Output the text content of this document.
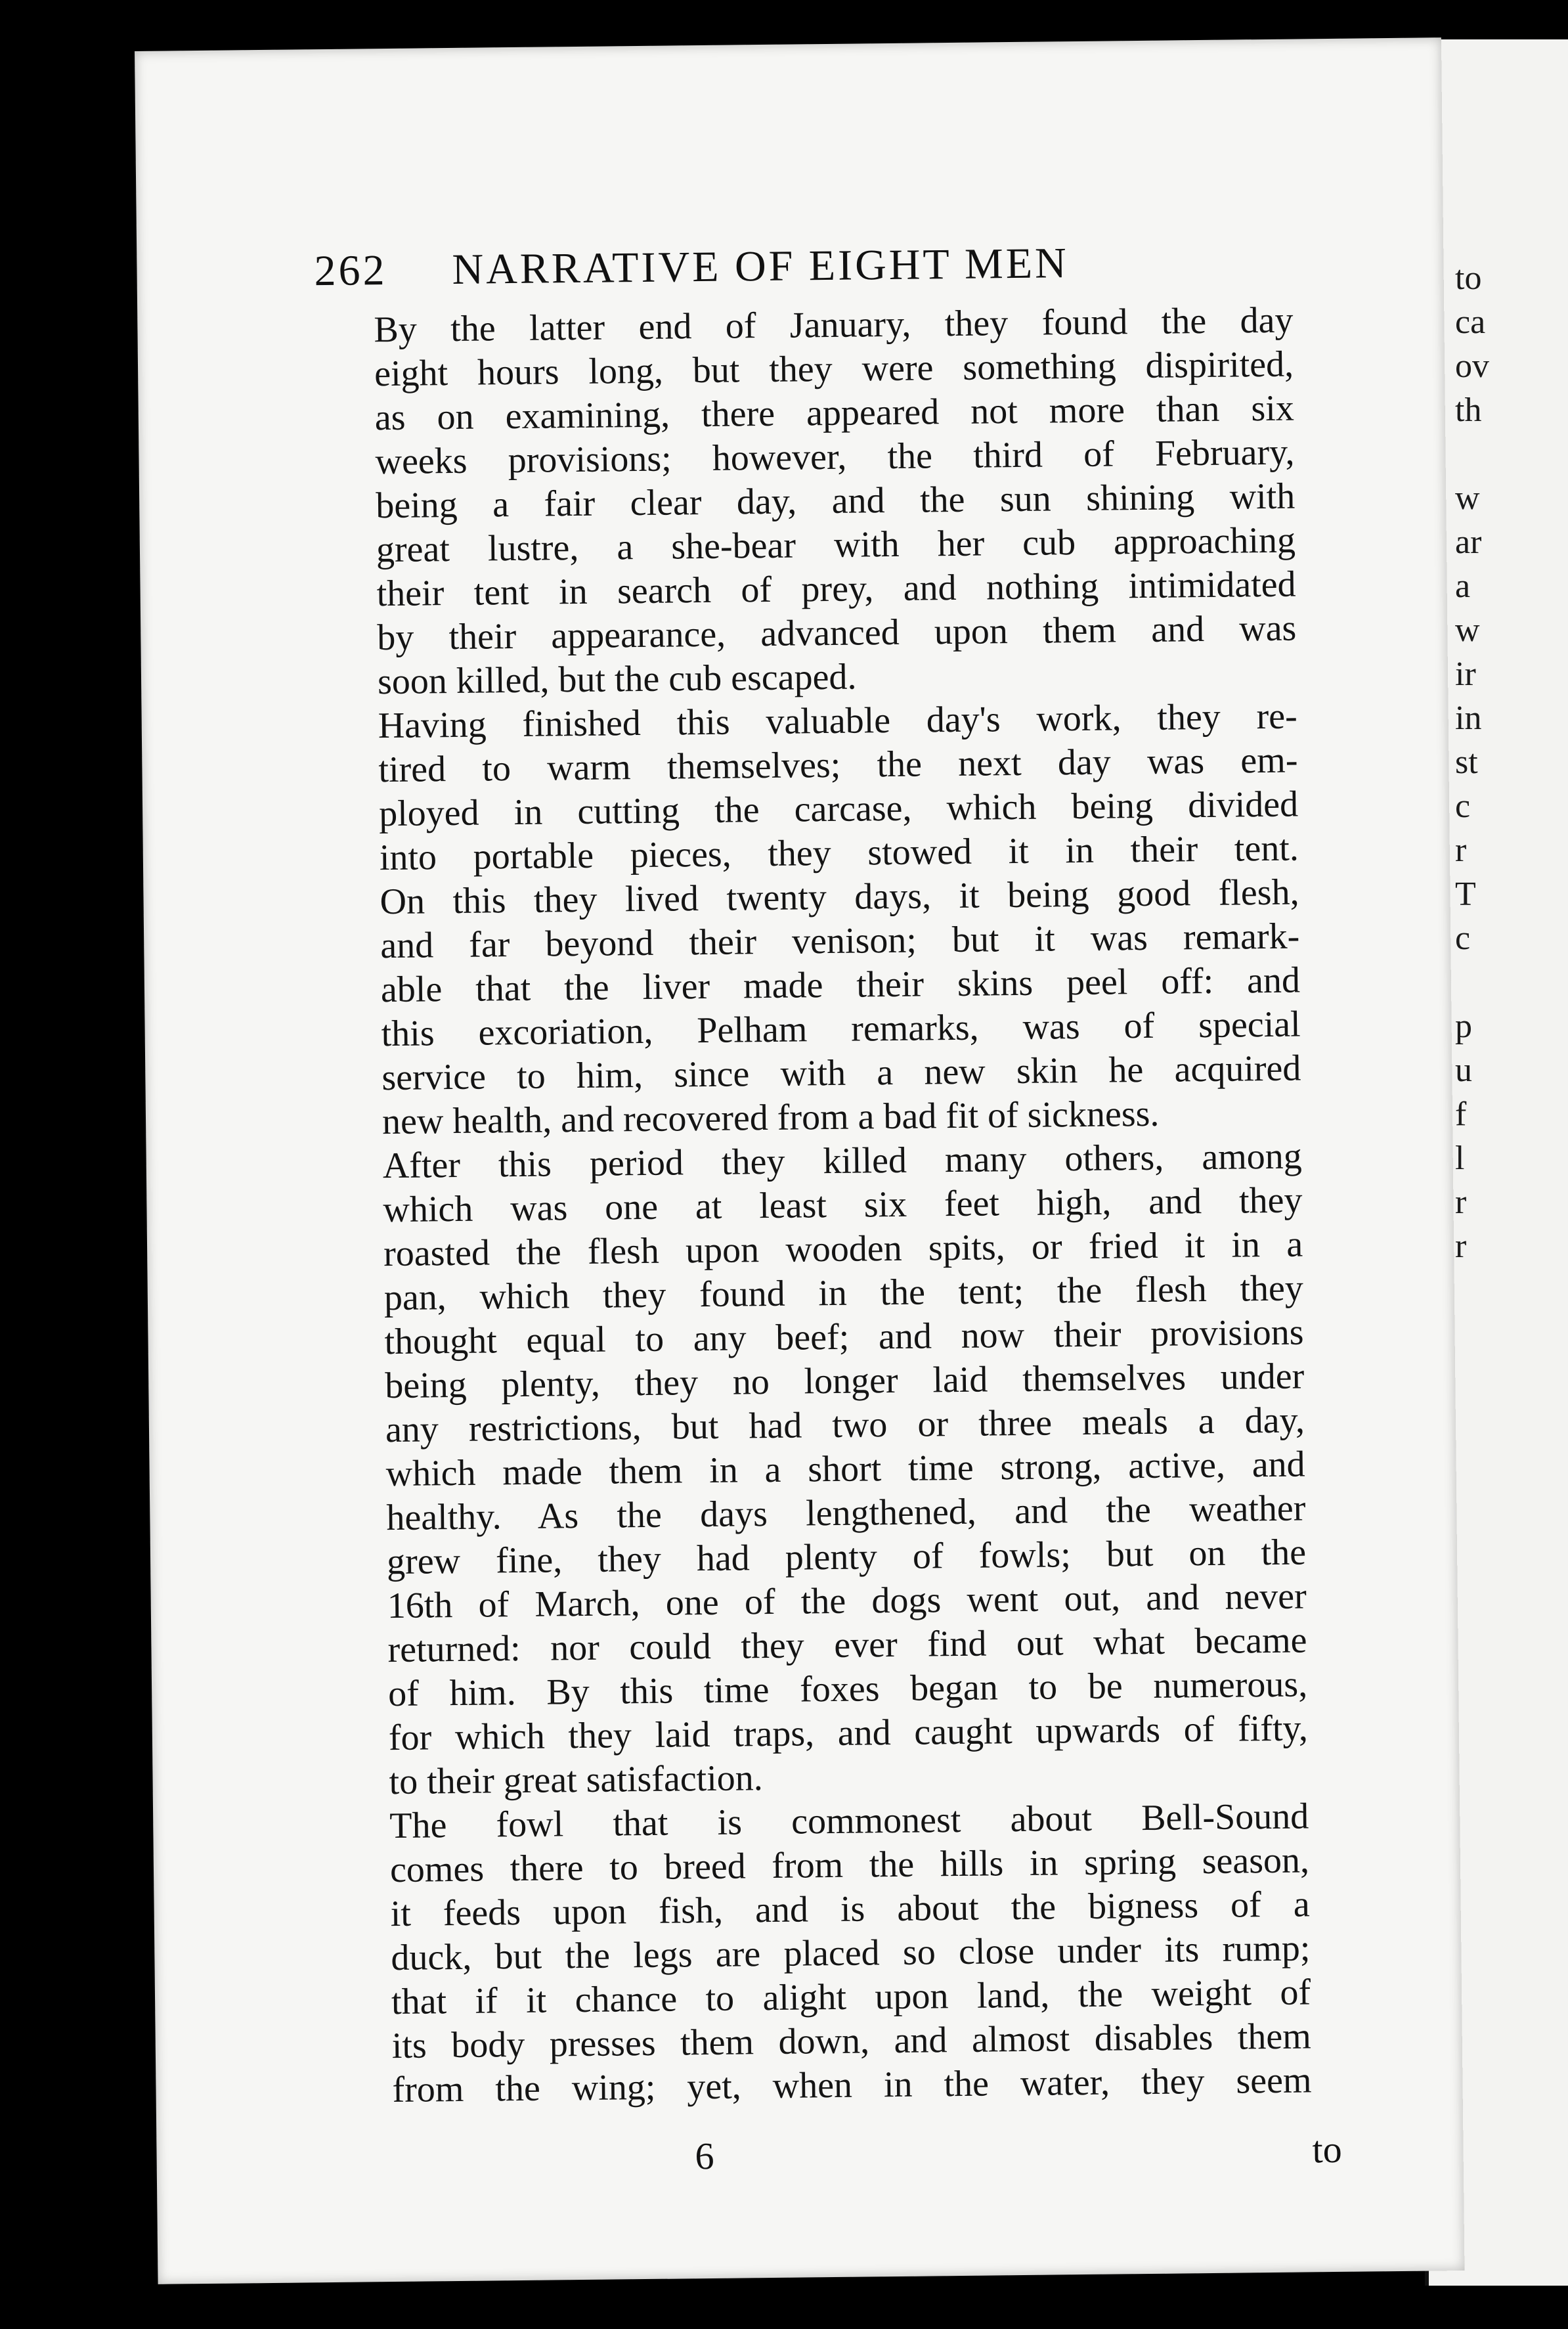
to
ca
ov
th

w
ar
a
w
ir
in
st
c
r
T
c

p
u
f
l
r
r
262 NARRATIVE OF EIGHT MEN
By the latter end of January, they found the day
eight hours long, but they were something dispirited,
as on examining, there appeared not more than six
weeks provisions; however, the third of February,
being a fair clear day, and the sun shining with
great lustre, a she-bear with her cub approaching
their tent in search of prey, and nothing intimidated
by their appearance, advanced upon them and was
soon killed, but the cub escaped.
Having finished this valuable day's work, they re-
tired to warm themselves; the next day was em-
ployed in cutting the carcase, which being divided
into portable pieces, they stowed it in their tent.
On this they lived twenty days, it being good flesh,
and far beyond their venison; but it was remark-
able that the liver made their skins peel off: and
this excoriation, Pelham remarks, was of special
service to him, since with a new skin he acquired
new health, and recovered from a bad fit of sickness.
After this period they killed many others, among
which was one at least six feet high, and they
roasted the flesh upon wooden spits, or fried it in a
pan, which they found in the tent; the flesh they
thought equal to any beef; and now their provisions
being plenty, they no longer laid themselves under
any restrictions, but had two or three meals a day,
which made them in a short time strong, active, and
healthy. As the days lengthened, and the weather
grew fine, they had plenty of fowls; but on the
16th of March, one of the dogs went out, and never
returned: nor could they ever find out what became
of him. By this time foxes began to be numerous,
for which they laid traps, and caught upwards of fifty,
to their great satisfaction.
The fowl that is commonest about Bell-Sound
comes there to breed from the hills in spring season,
it feeds upon fish, and is about the bigness of a
duck, but the legs are placed so close under its rump;
that if it chance to alight upon land, the weight of
its body presses them down, and almost disables them
from the wing; yet, when in the water, they seem
6	to
